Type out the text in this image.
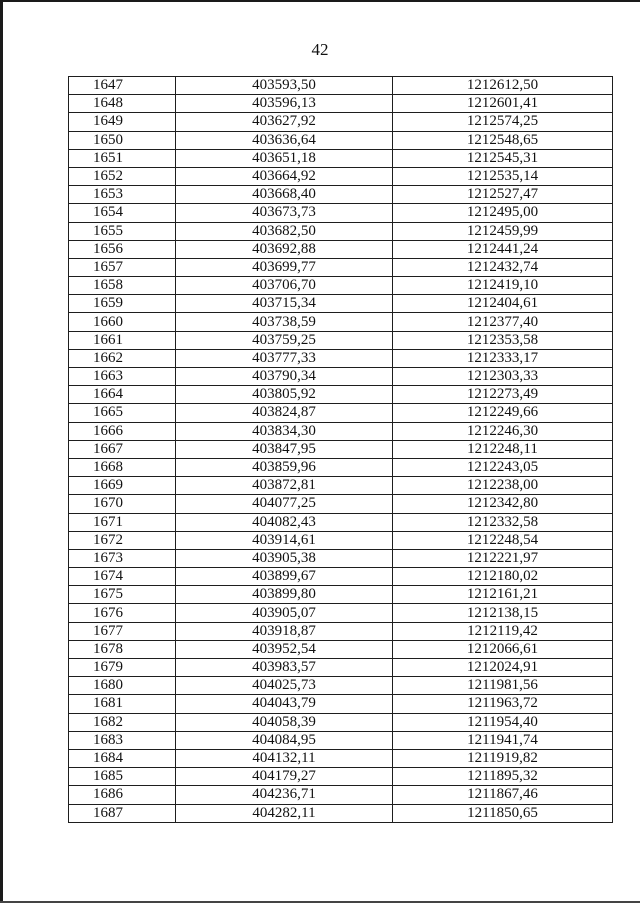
42
1647	403593,50	1212612,50
1648	403596,13	1212601,41
1649	403627,92	1212574,25
1650	403636,64	1212548,65
1651	403651,18	1212545,31
1652	403664,92	1212535,14
1653	403668,40	1212527,47
1654	403673,73	1212495,00
1655	403682,50	1212459,99
1656	403692,88	1212441,24
1657	403699,77	1212432,74
1658	403706,70	1212419,10
1659	403715,34	1212404,61
1660	403738,59	1212377,40
1661	403759,25	1212353,58
1662	403777,33	1212333,17
1663	403790,34	1212303,33
1664	403805,92	1212273,49
1665	403824,87	1212249,66
1666	403834,30	1212246,30
1667	403847,95	1212248,11
1668	403859,96	1212243,05
1669	403872,81	1212238,00
1670	404077,25	1212342,80
1671	404082,43	1212332,58
1672	403914,61	1212248,54
1673	403905,38	1212221,97
1674	403899,67	1212180,02
1675	403899,80	1212161,21
1676	403905,07	1212138,15
1677	403918,87	1212119,42
1678	403952,54	1212066,61
1679	403983,57	1212024,91
1680	404025,73	1211981,56
1681	404043,79	1211963,72
1682	404058,39	1211954,40
1683	404084,95	1211941,74
1684	404132,11	1211919,82
1685	404179,27	1211895,32
1686	404236,71	1211867,46
1687	404282,11	1211850,65
